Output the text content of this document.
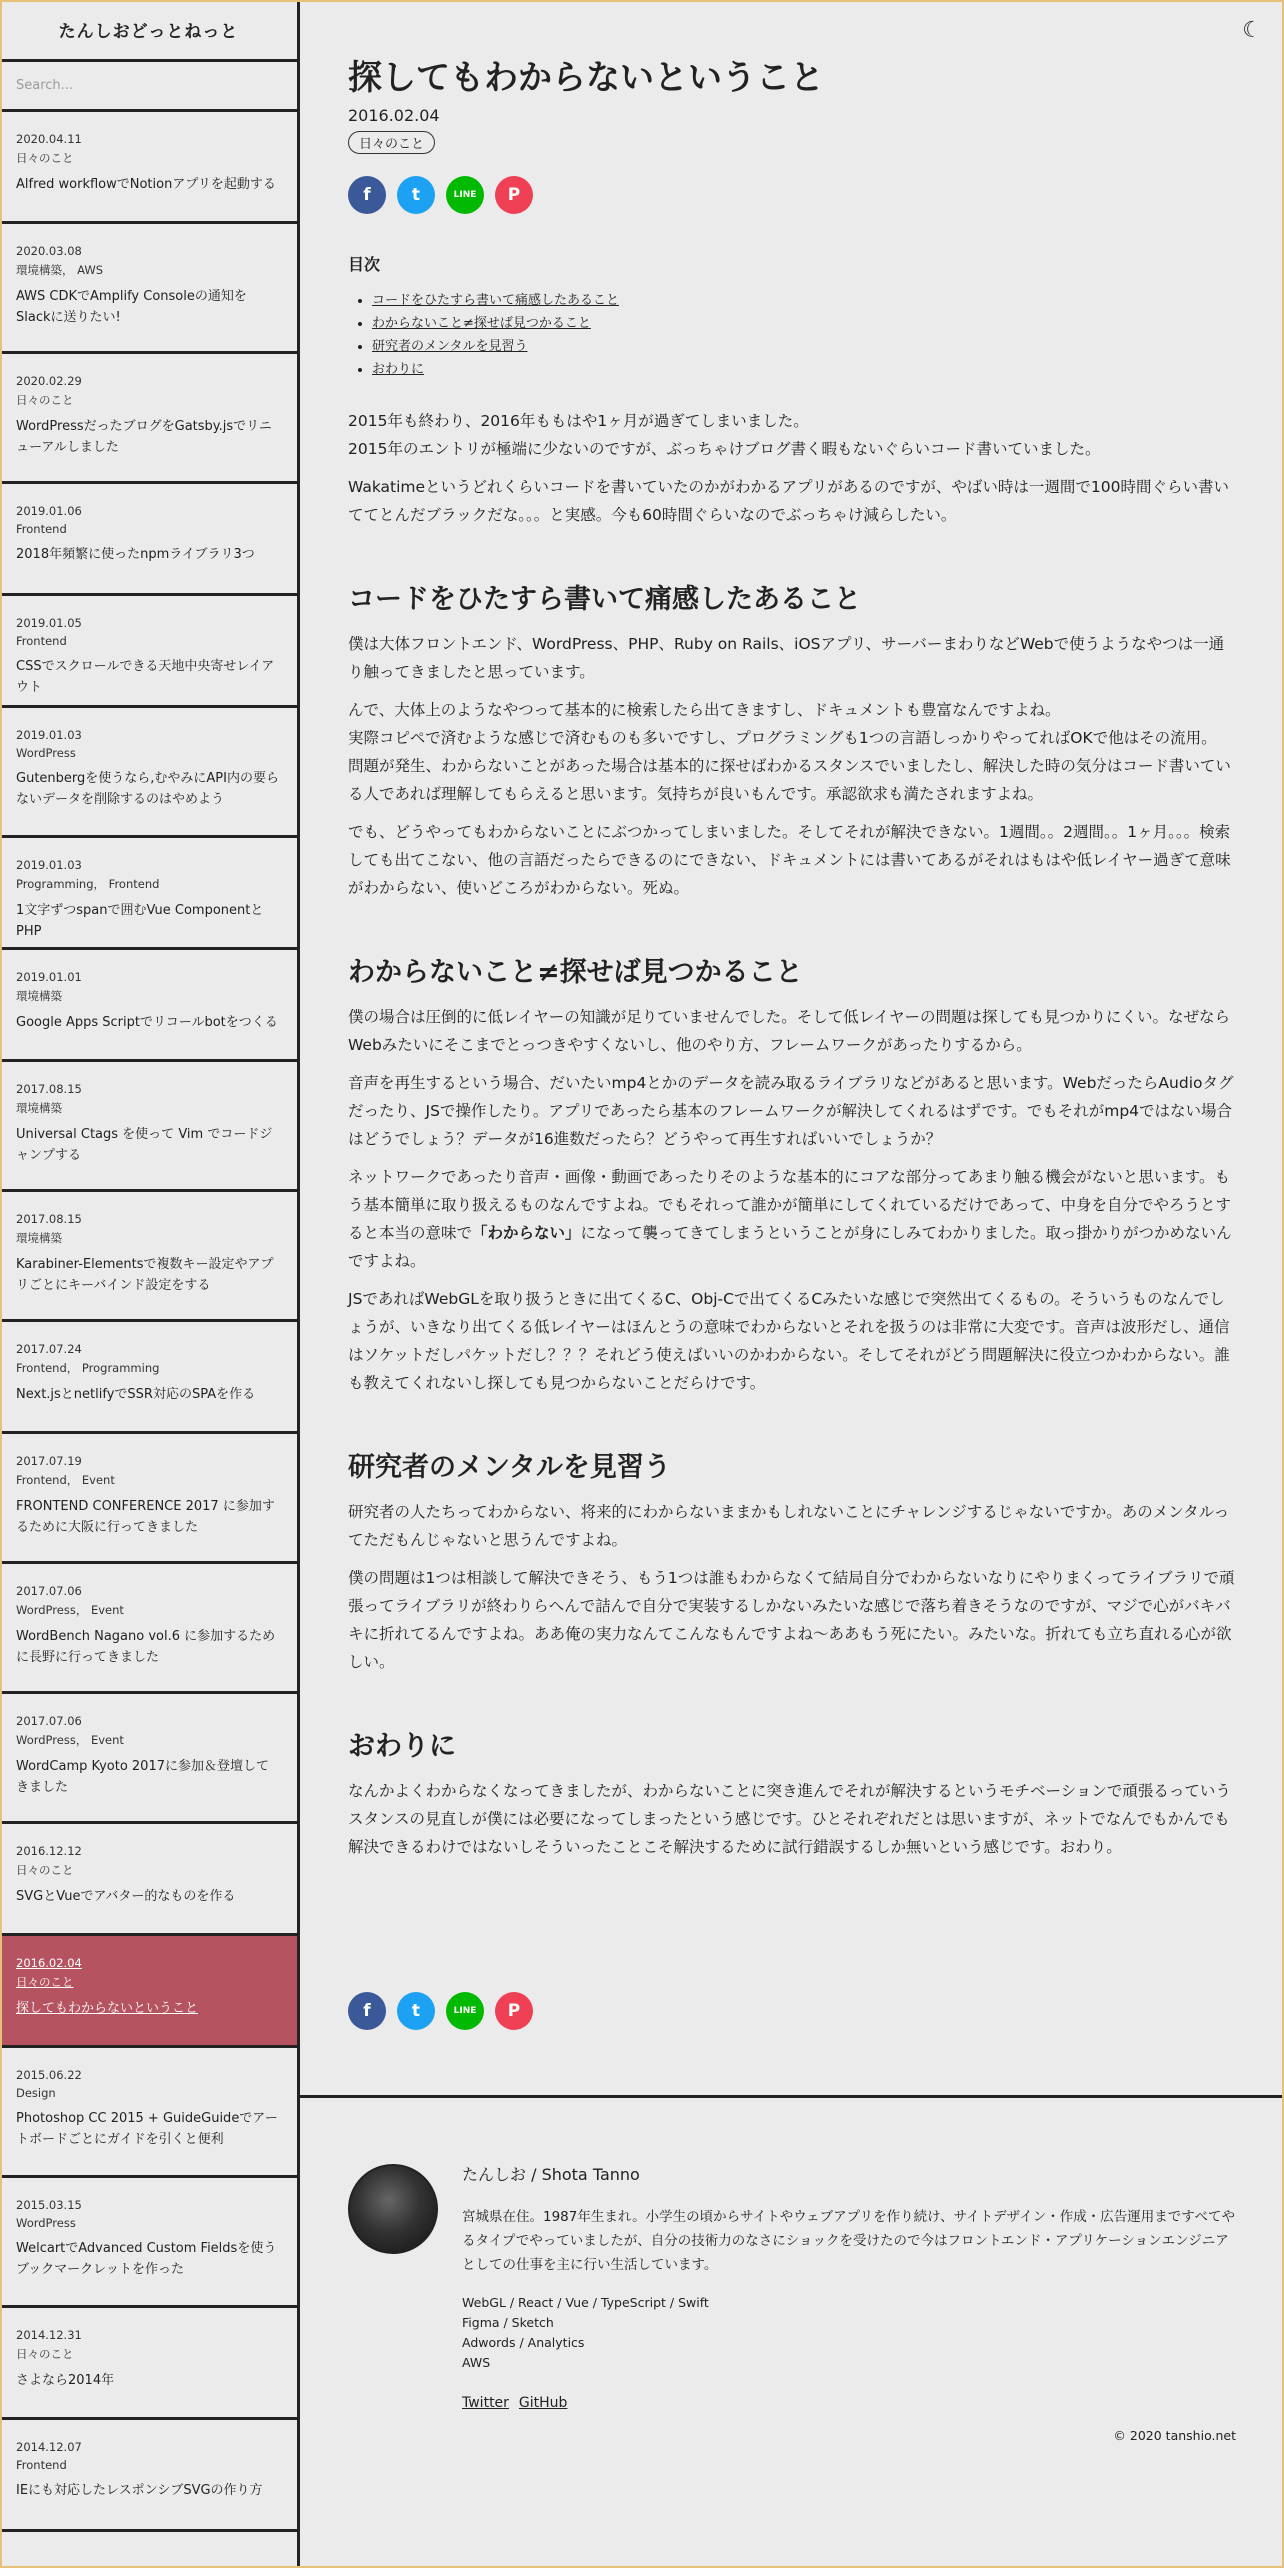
たんしおどっとねっと
Search...
2020.04.11
日々のこと
Alfred workflowでNotionアプリを起動する
2020.03.08
環境構築， AWS
AWS CDKでAmplify Consoleの通知をSlackに送りたい!
2020.02.29
日々のこと
WordPressだったブログをGatsby.jsでリニューアルしました
2019.01.06
Frontend
2018年頻繁に使ったnpmライブラリ3つ
2019.01.05
Frontend
CSSでスクロールできる天地中央寄せレイアウト
2019.01.03
WordPress
Gutenbergを使うなら,むやみにAPI内の要らないデータを削除するのはやめよう
2019.01.03
Programming， Frontend
1文字ずつspanで囲むVue ComponentとPHP
2019.01.01
環境構築
Google Apps Scriptでリコールbotをつくる
2017.08.15
環境構築
Universal Ctags を使って Vim でコードジャンプする
2017.08.15
環境構築
Karabiner-Elementsで複数キー設定やアプリごとにキーバインド設定をする
2017.07.24
Frontend， Programming
Next.jsとnetlifyでSSR対応のSPAを作る
2017.07.19
Frontend， Event
FRONTEND CONFERENCE 2017 に参加するために大阪に行ってきました
2017.07.06
WordPress， Event
WordBench Nagano vol.6 に参加するために長野に行ってきました
2017.07.06
WordPress， Event
WordCamp Kyoto 2017に参加＆登壇してきました
2016.12.12
日々のこと
SVGとVueでアバター的なものを作る
2016.02.04
日々のこと
探してもわからないということ
2015.06.22
Design
Photoshop CC 2015 + GuideGuideでアートボードごとにガイドを引くと便利
2015.03.15
WordPress
WelcartでAdvanced Custom Fieldsを使うブックマークレットを作った
2014.12.31
日々のこと
さよなら2014年
2014.12.07
Frontend
IEにも対応したレスポンシブSVGの作り方
☾
探してもわからないということ
2016.02.04
日々のこと
f	t	LINE	P
目次
• コードをひたすら書いて痛感したあること
• わからないこと≠探せば見つかること
• 研究者のメンタルを見習う
• おわりに

2015年も終わり、2016年ももはや1ヶ月が過ぎてしまいました。
2015年のエントリが極端に少ないのですが、ぶっちゃけブログ書く暇もないぐらいコード書いていました。

Wakatimeというどれくらいコードを書いていたのかがわかるアプリがあるのですが、やばい時は一週間で100時間ぐらい書いててとんだブラックだな。。。と実感。今も60時間ぐらいなのでぶっちゃけ減らしたい。

コードをひたすら書いて痛感したあること

僕は大体フロントエンド、WordPress、PHP、Ruby on Rails、iOSアプリ、サーバーまわりなどWebで使うようなやつは一通り触ってきましたと思っています。

んで、大体上のようなやつって基本的に検索したら出てきますし、ドキュメントも豊富なんですよね。
実際コピペで済むような感じで済むものも多いですし、プログラミングも1つの言語しっかりやってればOKで他はその流用。
問題が発生、わからないことがあった場合は基本的に探せばわかるスタンスでいましたし、解決した時の気分はコード書いている人であれば理解してもらえると思います。気持ちが良いもんです。承認欲求も満たされますよね。

でも、どうやってもわからないことにぶつかってしまいました。そしてそれが解決できない。1週間。。2週間。。1ヶ月。。。検索しても出てこない、他の言語だったらできるのにできない、ドキュメントには書いてあるがそれはもはや低レイヤー過ぎて意味がわからない、使いどころがわからない。死ぬ。

わからないこと≠探せば見つかること

僕の場合は圧倒的に低レイヤーの知識が足りていませんでした。そして低レイヤーの問題は探しても見つかりにくい。なぜならWebみたいにそこまでとっつきやすくないし、他のやり方、フレームワークがあったりするから。

音声を再生するという場合、だいたいmp4とかのデータを読み取るライブラリなどがあると思います。WebだったらAudioタグだったり、JSで操作したり。アプリであったら基本のフレームワークが解決してくれるはずです。でもそれがmp4ではない場合はどうでしょう？データが16進数だったら？どうやって再生すればいいでしょうか？

ネットワークであったり音声・画像・動画であったりそのような基本的にコアな部分ってあまり触る機会がないと思います。もう基本簡単に取り扱えるものなんですよね。でもそれって誰かが簡単にしてくれているだけであって、中身を自分でやろうとすると本当の意味で「わからない」になって襲ってきてしまうということが身にしみてわかりました。取っ掛かりがつかめないんですよね。

JSであればWebGLを取り扱うときに出てくるC、Obj-Cで出てくるCみたいな感じで突然出てくるもの。そういうものなんでしょうが、いきなり出てくる低レイヤーはほんとうの意味でわからないとそれを扱うのは非常に大変です。音声は波形だし、通信はソケットだしパケットだし？？？それどう使えばいいのかわからない。そしてそれがどう問題解決に役立つかわからない。誰も教えてくれないし探しても見つからないことだらけです。

研究者のメンタルを見習う

研究者の人たちってわからない、将来的にわからないままかもしれないことにチャレンジするじゃないですか。あのメンタルってただもんじゃないと思うんですよね。

僕の問題は1つは相談して解決できそう、もう1つは誰もわからなくて結局自分でわからないなりにやりまくってライブラリで頑張ってライブラリが終わりらへんで詰んで自分で実装するしかないみたいな感じで落ち着きそうなのですが、マジで心がバキバキに折れてるんですよね。ああ俺の実力なんてこんなもんですよね〜ああもう死にたい。みたいな。折れても立ち直れる心が欲しい。

おわりに

なんかよくわからなくなってきましたが、わからないことに突き進んでそれが解決するというモチベーションで頑張るっていうスタンスの見直しが僕には必要になってしまったという感じです。ひとそれぞれだとは思いますが、ネットでなんでもかんでも解決できるわけではないしそういったことこそ解決するために試行錯誤するしか無いという感じです。おわり。

f	t	LINE	P
たんしお / Shota Tanno
宮城県在住。1987年生まれ。小学生の頃からサイトやウェブアプリを作り続け、サイトデザイン・作成・広告運用まですべてやるタイプでやっていましたが、自分の技術力のなさにショックを受けたので今はフロントエンド・アプリケーションエンジニアとしての仕事を主に行い生活しています。
WebGL / React / Vue / TypeScript / Swift
Figma / Sketch
Adwords / Analytics
AWS
Twitter GitHub
© 2020 tanshio.net
